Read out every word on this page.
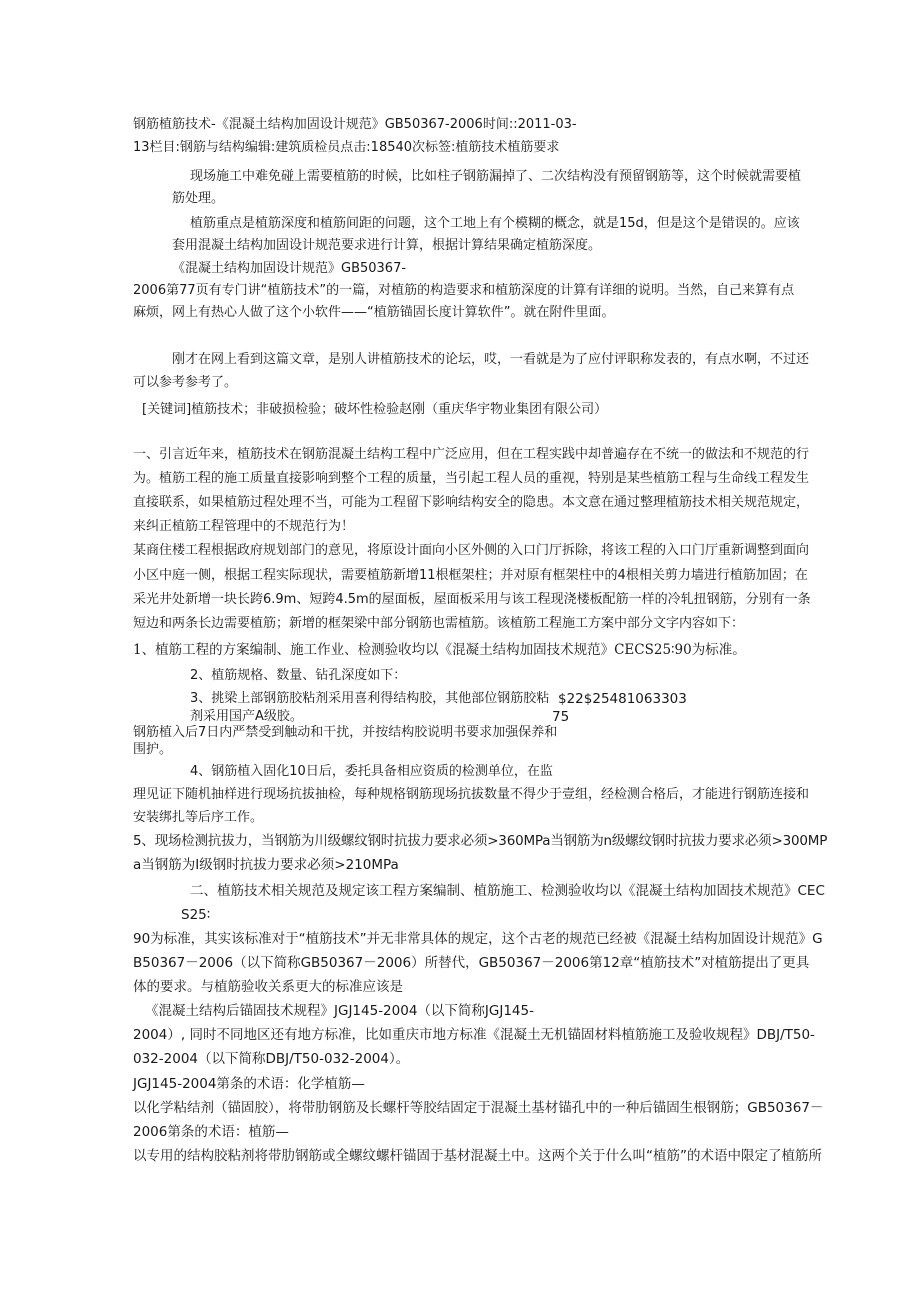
钢筋植筋技术-《混凝土结构加固设计规范》GB50367-2006时间::2011-03-
13栏目:钢筋与结构编辑:建筑质检员点击:18540次标签:植筋技术植筋要求
现场施工中难免碰上需要植筋的时候，比如柱子钢筋漏掉了、二次结构没有预留钢筋等，这个时候就需要植
筋处理。
植筋重点是植筋深度和植筋间距的问题，这个工地上有个模糊的概念，就是15d，但是这个是错误的。应该
套用混凝土结构加固设计规范要求进行计算，根据计算结果确定植筋深度。
《混凝土结构加固设计规范》GB50367-
2006第77页有专门讲“植筋技术”的一篇，对植筋的构造要求和植筋深度的计算有详细的说明。当然，自己来算有点
麻烦，网上有热心人做了这个小软件——“植筋锚固长度计算软件”。就在附件里面。
刚才在网上看到这篇文章，是别人讲植筋技术的论坛，哎，一看就是为了应付评职称发表的，有点水啊，不过还
可以参考参考了。
[关键词]植筋技术；非破损检验；破坏性检验赵刚（重庆华宇物业集团有限公司）
一、引言近年来，植筋技术在钢筋混凝土结构工程中广泛应用，但在工程实践中却普遍存在不统一的做法和不规范的行
为。植筋工程的施工质量直接影响到整个工程的质量，当引起工程人员的重视，特别是某些植筋工程与生命线工程发生
直接联系，如果植筋过程处理不当，可能为工程留下影响结构安全的隐患。本文意在通过整理植筋技术相关规范规定，
来纠正植筋工程管理中的不规范行为！
某商住楼工程根据政府规划部门的意见，将原设计面向小区外侧的入口门厅拆除，将该工程的入口门厅重新调整到面向
小区中庭一侧，根据工程实际现状，需要植筋新增11根框架柱；并对原有框架柱中的4根相关剪力墙进行植筋加固；在
采光井处新增一块长跨6.9m、短跨4.5m的屋面板，屋面板采用与该工程现浇楼板配筋一样的冷轧扭钢筋，分别有一条
短边和两条长边需要植筋；新增的框架梁中部分钢筋也需植筋。该植筋工程施工方案中部分文字内容如下：
1、植筋工程的方案编制、施工作业、检测验收均以《混凝土结构加固技术规范》CECS25∶90为标准。
2、植筋规格、数量、钻孔深度如下：
3、挑梁上部钢筋胶粘剂采用喜利得结构胶，其他部位钢筋胶粘
剂采用国产A级胶。
$22$25481063303
75
钢筋植入后7日内严禁受到触动和干扰，并按结构胶说明书要求加强保养和
围护。
4、钢筋植入固化10日后，委托具备相应资质的检测单位，在监
理见证下随机抽样进行现场抗拔抽检，每种规格钢筋现场抗拔数量不得少于壹组，经检测合格后，才能进行钢筋连接和
安装绑扎等后序工作。
5、现场检测抗拔力，当钢筋为川级螺纹钢时抗拔力要求必须>360MPa当钢筋为n级螺纹钢时抗拔力要求必须>300MP
a当钢筋为I级钢时抗拔力要求必须>210MPa
二、植筋技术相关规范及规定该工程方案编制、植筋施工、检测验收均以《混凝土结构加固技术规范》CEC
S25∶
90为标准，其实该标准对于“植筋技术”并无非常具体的规定，这个古老的规范已经被《混凝土结构加固设计规范》G
B50367－2006（以下简称GB50367－2006）所替代，GB50367－2006第12章“植筋技术”对植筋提出了更具
体的要求。与植筋验收关系更大的标准应该是
《混凝土结构后锚固技术规程》JGJ145-2004（以下简称JGJ145-
2004）, 同时不同地区还有地方标准，比如重庆市地方标准《混凝土无机锚固材料植筋施工及验收规程》DBJ/T50-
032-2004（以下简称DBJ/T50-032-2004）。
JGJ145-2004第条的术语：化学植筋—
以化学粘结剂（锚固胶），将带肋钢筋及长螺杆等胶结固定于混凝土基材锚孔中的一种后锚固生根钢筋；GB50367－
2006第条的术语：植筋—
以专用的结构胶粘剂将带肋钢筋或全螺纹螺杆锚固于基材混凝土中。这两个关于什么叫“植筋”的术语中限定了植筋所
